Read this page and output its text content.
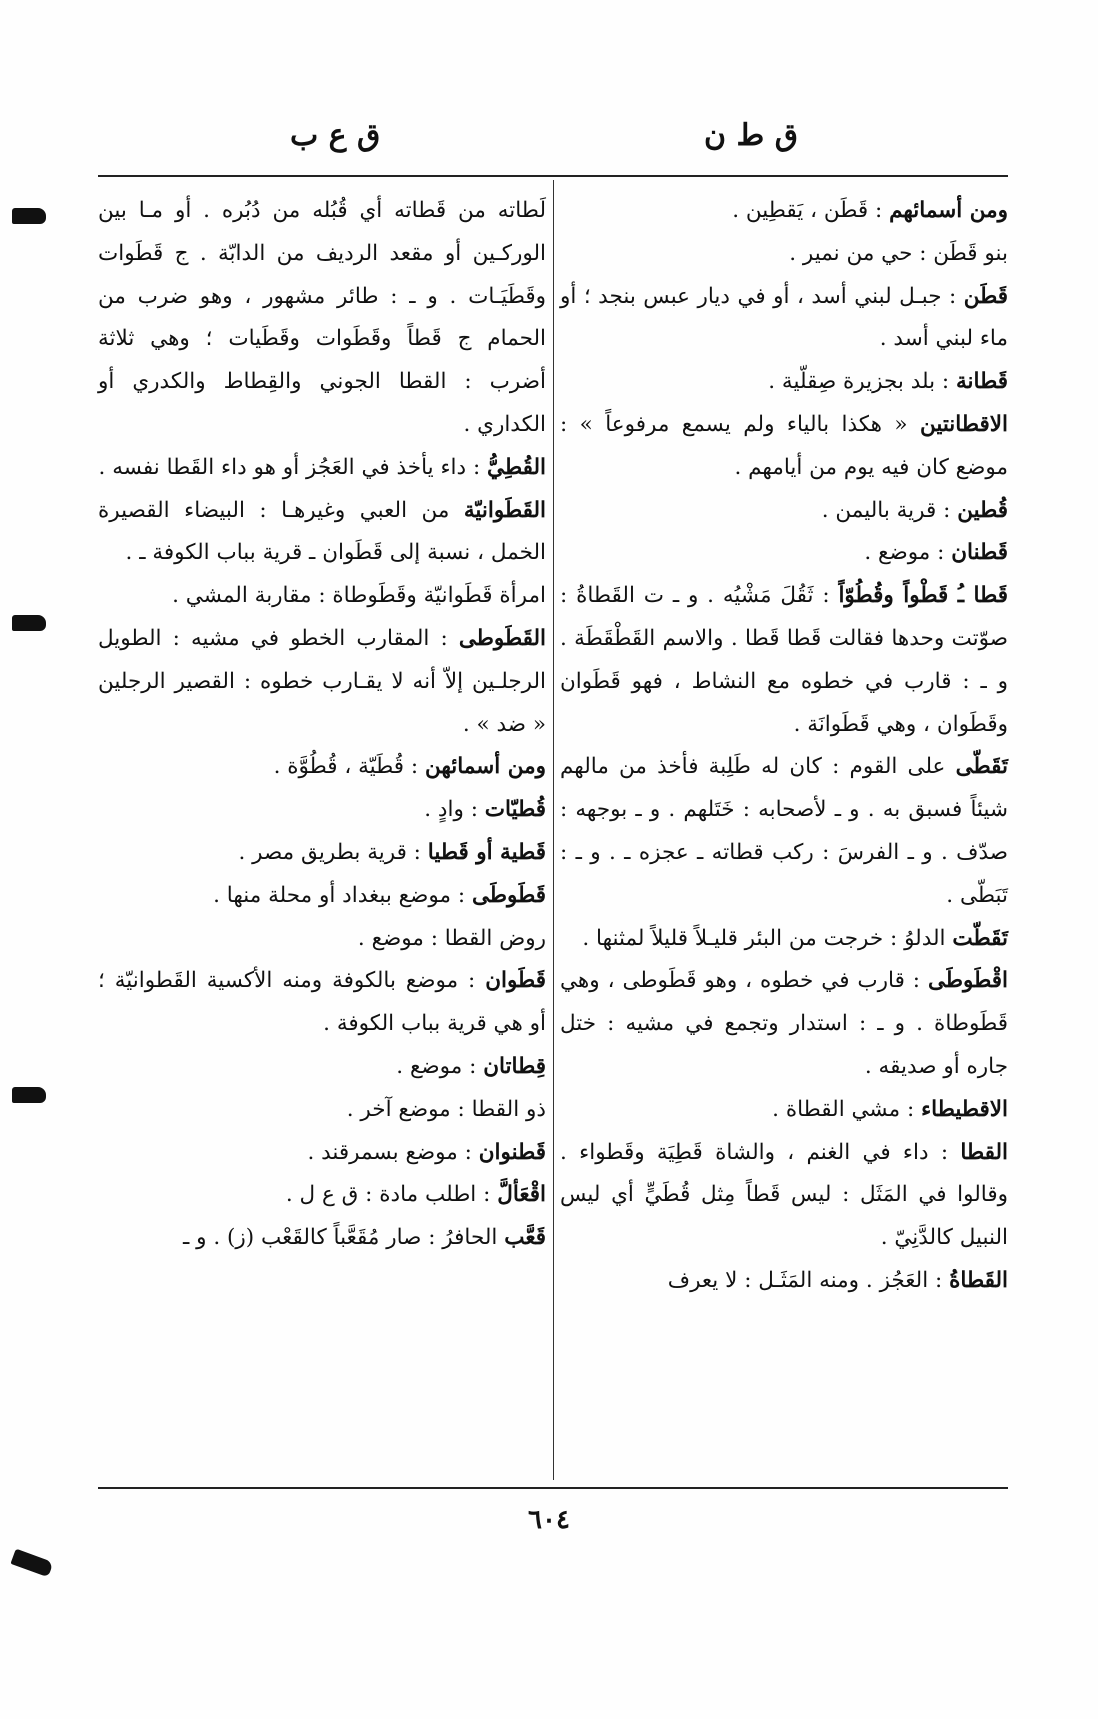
ق ط ن
ق ع ب

ومن أسمائهم : قَطَن ، يَقطِين .

بنو قَطَن : حي من نمير .

قَطَن : جبـل لبني أسد ، أو في ديار عبس بنجد ؛ أو ماء لبني أسد .

قَطانة : بلد بجزيرة صِقلّية .

الاقطانتين « هكذا بالياء ولم يسمع مرفوعاً » : موضع كان فيه يوم من أيامهم .

قُطين : قرية باليمن .

قَطنان : موضع .

قَطا ـُ قَطْواً وقُطُوّاً : ثَقُلَ مَشْيُه . و ـ ت القَطاةُ : صوّتت وحدها فقالت قَطا قَطا . والاسم القَطْقَطَة . و ـ : قارب في خطوه مع النشاط ، فهو قَطَوان وقَطَوان ، وهي قَطَوانَة .

تَقَطّى على القوم : كان له طَلِبة فأخذ من مالهم شيئاً فسبق به . و ـ لأصحابه : خَتَلهم . و ـ بوجهه : صدّف . و ـ الفرسَ : ركب قطاته ـ عجزه ـ . و ـ : تَبَطّى .

تَقَطّت الدلوُ : خرجت من البئر قليـلاً قليلاً لمثنها .

اقْطَوطَى : قارب في خطوه ، وهو قَطَوطى ، وهي قَطَوطاة . و ـ : استدار وتجمع في مشيه : ختل جاره أو صديقه .

الاقطيطاء : مشي القطاة .

القطا : داء في الغنم ، والشاة قَطِيَة وقَطواء . وقالوا في المَثَل : ليس قَطاً مِثل قُطَيٍّ أي ليس النبيل كالدَّنِيّ .

القَطاةُ : العَجُز . ومنه المَثَـل : لا يعرف

لَطاته من قَطاته أي قُبُله من دُبُره . أو مـا بين الوركـين أو مقعد الرديف من الدابّة . ج قَطَوات وقَطَيَـات . و ـ : طائر مشهور ، وهو ضرب من الحمام ج قَطاً وقَطَوات وقَطَيات ؛ وهي ثلاثة أضرب : القطا الجوني والقِطاط والكدري أو الكداري .

القُطِيُّ : داء يأخذ في العَجُز أو هو داء القَطا نفسه .

القَطَوانيّة من العبي وغيرهـا : البيضاء القصيرة الخمل ، نسبة إلى قَطَوان ـ قرية بباب الكوفة ـ .

امرأة قَطَوانيّة وقَطَوطاة : مقاربة المشي .

القَطَوطى : المقارب الخطو في مشيه : الطويل الرجلـين إلاّ أنه لا يقـارب خطوه : القصير الرجلين « ضد » .

ومن أسمائهن : قُطَيّة ، قُطُوَّة .

قُطيّات : وادٍ .

قَطية أو قَطيا : قرية بطريق مصر .

قَطَوطَى : موضع ببغداد أو محلة منها .

روض القطا : موضع .

قَطَوان : موضع بالكوفة ومنه الأكسية القَطوانيّة ؛ أو هي قرية بباب الكوفة .

قِطاتان : موضع .

ذو القطا : موضع آخر .

قَطنوان : موضع بسمرقند .

اقْعَألَّ : اطلب مادة : ق ع ل .

قَعَّب الحافرُ : صار مُقَعَّباً كالقَعْب (ز) . و ـ

٦٠٤
